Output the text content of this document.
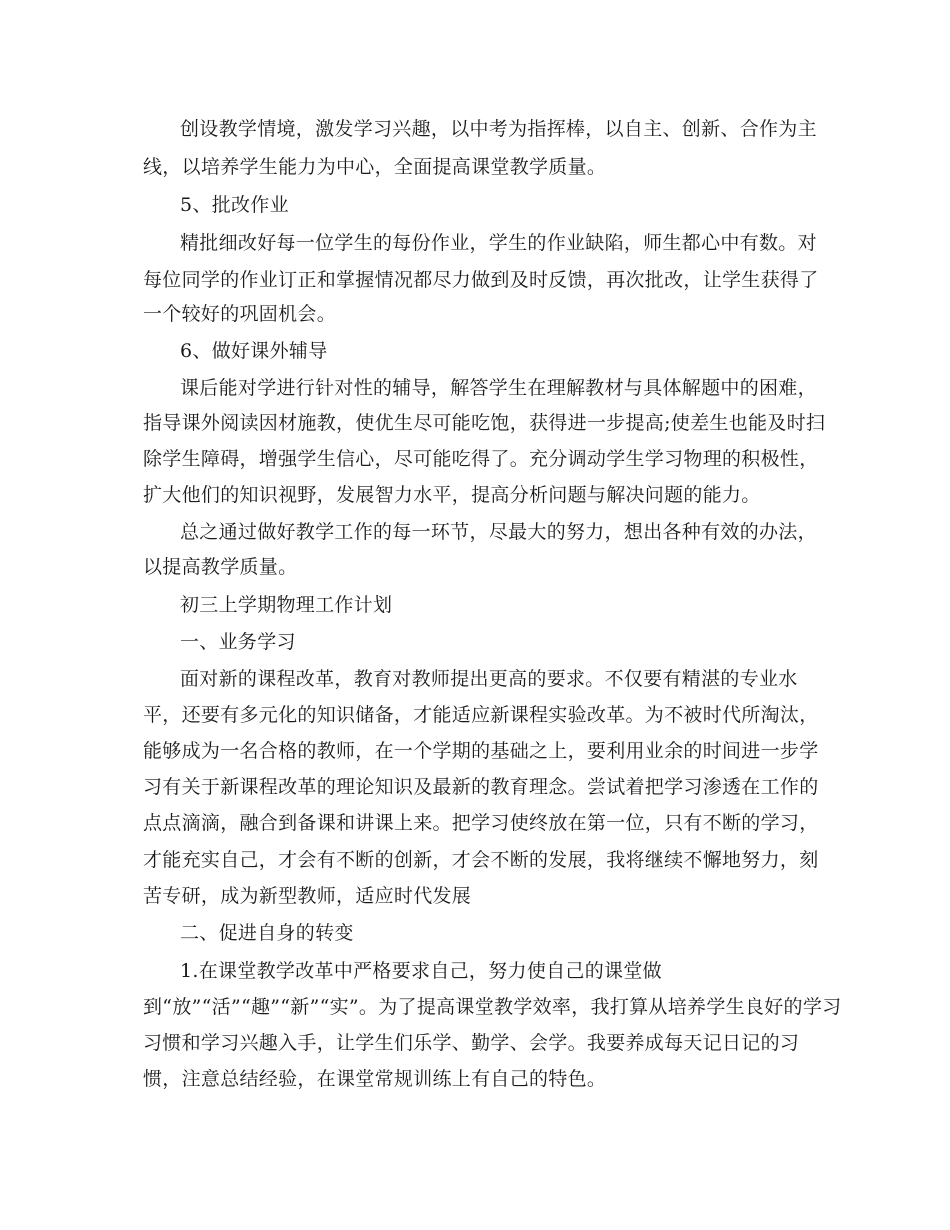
创设教学情境，激发学习兴趣，以中考为指挥棒，以自主、创新、合作为主
线，以培养学生能力为中心，全面提高课堂教学质量。
5、批改作业
精批细改好每一位学生的每份作业，学生的作业缺陷，师生都心中有数。对
每位同学的作业订正和掌握情况都尽力做到及时反馈，再次批改，让学生获得了
一个较好的巩固机会。
6、做好课外辅导
课后能对学进行针对性的辅导，解答学生在理解教材与具体解题中的困难，
指导课外阅读因材施教，使优生尽可能吃饱，获得进一步提高;使差生也能及时扫
除学生障碍，增强学生信心，尽可能吃得了。充分调动学生学习物理的积极性，
扩大他们的知识视野，发展智力水平，提高分析问题与解决问题的能力。
总之通过做好教学工作的每一环节，尽最大的努力，想出各种有效的办法，
以提高教学质量。
初三上学期物理工作计划
一、业务学习
面对新的课程改革，教育对教师提出更高的要求。不仅要有精湛的专业水
平，还要有多元化的知识储备，才能适应新课程实验改革。为不被时代所淘汰，
能够成为一名合格的教师，在一个学期的基础之上，要利用业余的时间进一步学
习有关于新课程改革的理论知识及最新的教育理念。尝试着把学习渗透在工作的
点点滴滴，融合到备课和讲课上来。把学习使终放在第一位，只有不断的学习，
才能充实自己，才会有不断的创新，才会不断的发展，我将继续不懈地努力，刻
苦专研，成为新型教师，适应时代发展
二、促进自身的转变
1.在课堂教学改革中严格要求自己，努力使自己的课堂做
到“放”“活”“趣”“新”“实”。为了提高课堂教学效率，我打算从培养学生良好的学习
习惯和学习兴趣入手，让学生们乐学、勤学、会学。我要养成每天记日记的习
惯，注意总结经验，在课堂常规训练上有自己的特色。
